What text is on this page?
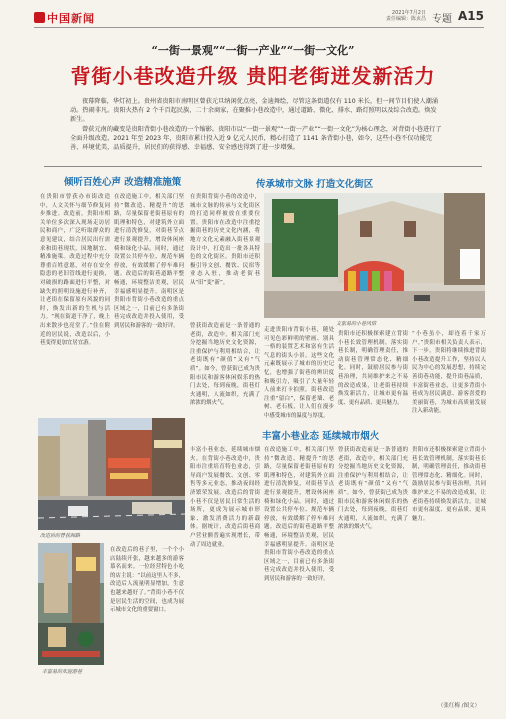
中国新闻	2021年7月2日
责任编辑：陈贞昌 专题 A15
“一街一景观”“一街一产业”“一街一文化”
背街小巷改造升级 贵阳老街迸发新活力

夜幕降临，华灯初上。贵州省贵阳市南明区曾获元旦纳闲优点亮，金迪舞绘，尽管这条街道仅有 110 米长，但一间节目们使人潮涌动。热闹非凡。贵阳火热有 2 个千百起民族，二十余商家，在聚推小巷改造中，通过道路、微化、排水、路灯照明以及综合改造。焕发新生。

曾获元南的藏变是贵阳背街小巷改造的一个缩影。贵阳市以“一街一景观”“一街一产业”“一街一文化”为核心理念，对背街小巷进行了全面升级改造，2021 年至 2023 年，贵阳市累计投入近 9 亿元人民币，精心打造了 1141 条背街小巷，如今，这些小巷不仅功能完善、环境优美，品质提升，居民们的获得感、幸福感、安全感也得到了进一步增强。

倾听百姓心声 改造精准施策
在贵阳市曾获办市街改造中，人文关怀与细节修复同步推进。改造前，贵阳市相关单位多次深入现场走访居民和商户，广泛听取群众的意见建议，结合居民出行需求和街巷现状，因地制宜、精准施策。改造过程中充分尊重百姓意愿，对存在安全隐患的老旧管线进行更换，对破损的路面进行平整，对缺失的照明设施进行补齐，让老街在保留原有风貌的同时，焕发出新的生机与活力。“现在街道干净了，晚上出来散步也亮堂了。”住在附近的居民说，改造以后，小巷变得更加宜居宜游。
在改造施工中，相关部门坚持“微改造、精提升”的思路，尽量保留老街巷原有的肌理和特色，对建筑外立面进行清洗修复，对街巷节点进行景观提升，增设休闲座椅和绿化小品。同时，通过设置公共停车位、规范车辆停放，有效缓解了停车难问题。改造后的街巷道路平整畅通，环境整洁美观，居民幸福感明显提升。南明区是贵阳市背街小巷改造的重点区域之一，目前已有多条街巷完成改造并投入使用，受到居民和游客的一致好评。
改造后的曾获阁路
丰富易的欢迎游巷
在改造后的巷子里，一个个小店陆续开张，越来越多的游客慕名而来。一位经营特色小吃的店主说：“以前这里人不多，改造后人流量明显增加，生意也越来越好了。”背街小巷不仅是居民生活的空间，也成为展示城市文化的重要窗口。
传承城市文脉 打造文化街区
在贵阳背街小巷的改造中，城市文脉的传承与文化街区的打造同样被放在重要位置。贵阳市在改造中注重挖掘街巷的历史文化内涵，将地方文化元素融入街巷景观设计中，打造出一批各具特色的文化街区。贵阳市还积极引导文创、餐饮、民宿等业态入驻，推动老街巷从“旧”变“新”。
曾获街改造前是一条普通的老街，改造中，相关部门充分挖掘当地历史文化资源，注重保护与利用相结合，让老街既有“颜值”又有“气质”。如今，曾获街已成为贵阳市民和游客休闲娱乐的热门去处，每到夜晚，街巷灯火通明，人流如织，充满了浓浓的烟火气。
走进贵阳市背街小巷，随处可见色彩鲜明的壁画、别具一格的装置艺术和富有生活气息的街头小景。这些文化元素既展示了城市的历史记忆，也增强了街巷的辨识度和吸引力，吸引了大量年轻人前来打卡拍照。街巷改造注重“留白”，保留老墙、老树、老石板，让人们在漫步中感受城市的温度与厚度。
文旅易的小巷风情
贵阳市还积极探索建立背街小巷长效管理机制，落实街巷长制，明确管理责任，推动街巷管理常态化、精细化。同时，鼓励居民参与街巷治理，共同维护来之不易的改造成果，让老街巷持续焕发新活力，让城市更有温度、更有品质、更具魅力。
“小巷虽小，却连着千家万户。”贵阳市相关负责人表示，下一步，贵阳将继续推进背街小巷改造提升工作，坚持以人民为中心的发展思想，持续完善街巷功能，提升街巷品质，丰富街巷业态，让更多背街小巷成为居民满意、游客喜爱的美丽街巷，为城市高质量发展注入新动能。
丰富小巷业态 延续城市烟火
丰富小巷业态，延续城市烟火。在背街小巷改造中，贵阳市注重培育特色业态，引导商户发展餐饮、文创、零售等多元业态，推动夜间经济繁荣发展。改造后的背街小巷不仅是居民日常生活的场所，更成为展示城市形象、激发消费活力的新载体。据统计，改造后街巷商户营业额普遍实现增长，带动了周边就业。
在改造施工中，相关部门坚持“微改造、精提升”的思路，尽量保留老街巷原有的肌理和特色，对建筑外立面进行清洗修复，对街巷节点进行景观提升，增设休闲座椅和绿化小品。同时，通过设置公共停车位、规范车辆停放，有效缓解了停车难问题。改造后的街巷道路平整畅通，环境整洁美观，居民幸福感明显提升。南明区是贵阳市背街小巷改造的重点区域之一，目前已有多条街巷完成改造并投入使用，受到居民和游客的一致好评。
曾获街改造前是一条普通的老街，改造中，相关部门充分挖掘当地历史文化资源，注重保护与利用相结合，让老街既有“颜值”又有“气质”。如今，曾获街已成为贵阳市民和游客休闲娱乐的热门去处，每到夜晚，街巷灯火通明，人流如织，充满了浓浓的烟火气。
贵阳市还积极探索建立背街小巷长效管理机制，落实街巷长制，明确管理责任，推动街巷管理常态化、精细化。同时，鼓励居民参与街巷治理，共同维护来之不易的改造成果，让老街巷持续焕发新活力，让城市更有温度、更有品质、更具魅力。
（张红梅 /图文）
